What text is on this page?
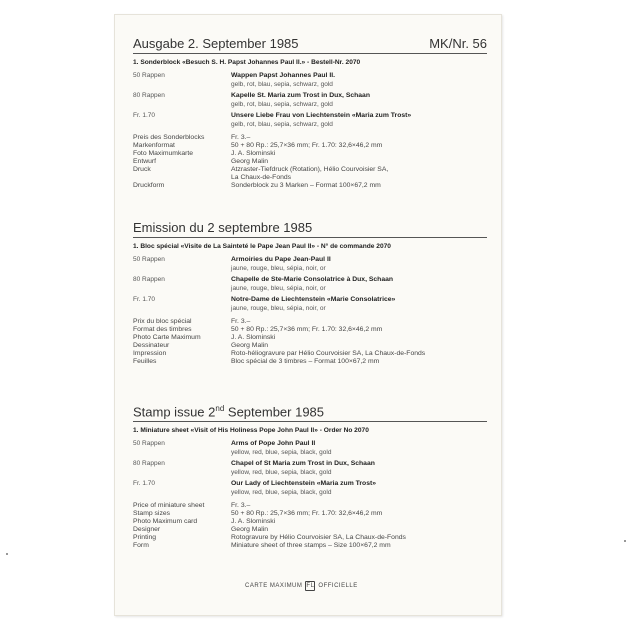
Ausgabe 2. September 1985	MK/Nr. 56
1. Sonderblock «Besuch S. H. Papst Johannes Paul II.» - Bestell-Nr. 2070
50 Rappen	Wappen Papst Johannes Paul II.
gelb, rot, blau, sepia, schwarz, gold
80 Rappen	Kapelle St. Maria zum Trost in Dux, Schaan
gelb, rot, blau, sepia, schwarz, gold
Fr. 1.70	Unsere Liebe Frau von Liechtenstein «Maria zum Trost»
gelb, rot, blau, sepia, schwarz, gold
Preis des Sonderblocks	Fr. 3.–
Markenformat	50 + 80 Rp.: 25,7×36 mm; Fr. 1.70: 32,6×46,2 mm
Foto Maximumkarte	J. A. Slominski
Entwurf	Georg Malin
Druck	Atzraster-Tiefdruck (Rotation), Hélio Courvoisier SA,
La Chaux-de-Fonds
Druckform	Sonderblock zu 3 Marken – Format 100×67,2 mm
Emission du 2 septembre 1985
1. Bloc spécial «Visite de La Sainteté le Pape Jean Paul II» - N° de commande 2070
50 Rappen	Armoiries du Pape Jean-Paul II
jaune, rouge, bleu, sépia, noir, or
80 Rappen	Chapelle de Ste-Marie Consolatrice à Dux, Schaan
jaune, rouge, bleu, sépia, noir, or
Fr. 1.70	Notre-Dame de Liechtenstein «Marie Consolatrice»
jaune, rouge, bleu, sépia, noir, or
Prix du bloc spécial	Fr. 3.–
Format des timbres	50 + 80 Rp.: 25,7×36 mm; Fr. 1.70: 32,6×46,2 mm
Photo Carte Maximum	J. A. Slominski
Dessinateur	Georg Malin
Impression	Roto-héliogravure par Hélio Courvoisier SA, La Chaux-de-Fonds
Feuilles	Bloc spécial de 3 timbres – Format 100×67,2 mm
Stamp issue 2nd September 1985
1. Miniature sheet «Visit of His Holiness Pope John Paul II» - Order No 2070
50 Rappen	Arms of Pope John Paul II
yellow, red, blue, sepia, black, gold
80 Rappen	Chapel of St Maria zum Trost in Dux, Schaan
yellow, red, blue, sepia, black, gold
Fr. 1.70	Our Lady of Liechtenstein «Maria zum Trost»
yellow, red, blue, sepia, black, gold
Price of miniature sheet	Fr. 3.–
Stamp sizes	50 + 80 Rp.: 25,7×36 mm; Fr. 1.70: 32,6×46,2 mm
Photo Maximum card	J. A. Slominski
Designer	Georg Malin
Printing	Rotogravure by Hélio Courvoisier SA, La Chaux-de-Fonds
Form	Miniature sheet of three stamps – Size 100×67,2 mm
CARTE MAXIMUM FL OFFICIELLE
